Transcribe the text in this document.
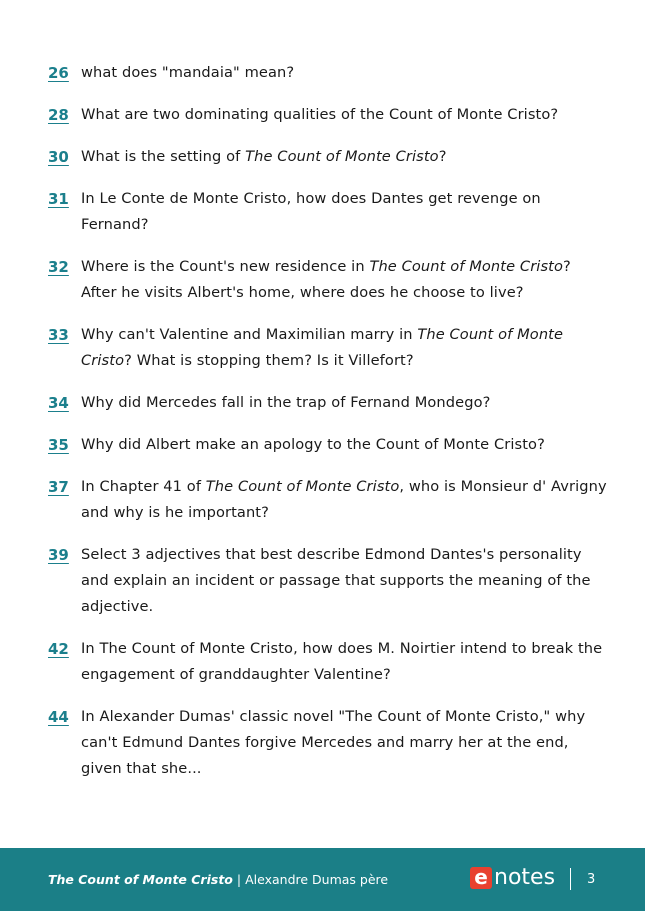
26 what does "mandaia" mean?
28 What are two dominating qualities of the Count of Monte Cristo?
30 What is the setting of The Count of Monte Cristo?
31 In Le Conte de Monte Cristo, how does Dantes get revenge on Fernand?
32 Where is the Count's new residence in The Count of Monte Cristo? After he visits Albert's home, where does he choose to live?
33 Why can't Valentine and Maximilian marry in The Count of Monte Cristo? What is stopping them? Is it Villefort?
34 Why did Mercedes fall in the trap of Fernand Mondego?
35 Why did Albert make an apology to the Count of Monte Cristo?
37 In Chapter 41 of The Count of Monte Cristo, who is Monsieur d' Avrigny and why is he important?
39 Select 3 adjectives that best describe Edmond Dantes's personality and explain an incident or passage that supports the meaning of the adjective.
42 In The Count of Monte Cristo, how does M. Noirtier intend to break the engagement of granddaughter Valentine?
44 In Alexander Dumas' classic novel "The Count of Monte Cristo," why can't Edmund Dantes forgive Mercedes and marry her at the end, given that she...
The Count of Monte Cristo | Alexandre Dumas père	e notes 3
